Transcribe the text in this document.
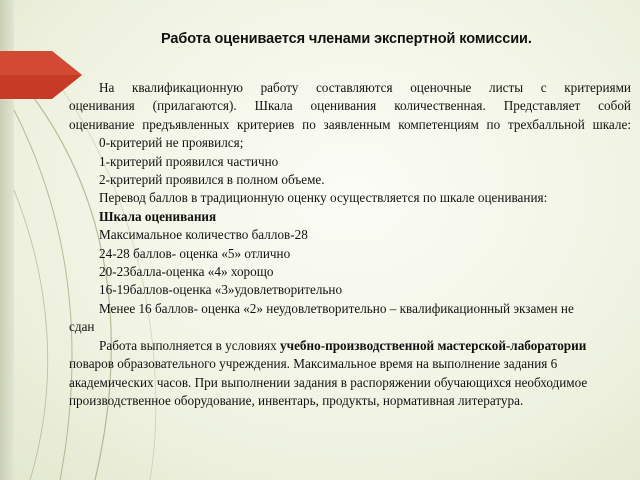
Работа оценивается членами экспертной комиссии.

На квалификационную работу составляются оценочные листы с критериями

оценивания (прилагаются). Шкала оценивания количественная. Представляет собой

оценивание предъявленных критериев по заявленным компетенциям по трехбалльной шкале:

0-критерий не проявился;

1-критерий проявился частично

2-критерий проявился в полном объеме.

Перевод баллов в традиционную оценку осуществляется по шкале оценивания:

Шкала оценивания

Максимальное количество баллов-28

24-28 баллов- оценка «5» отлично

20-23балла-оценка «4» хорощо

16-19баллов-оценка «3»удовлетворительно

Менее 16 баллов- оценка «2» неудовлетворительно – квалификационный экзамен не

сдан

Работа выполняется в условиях учебно-производственной мастерской-лаборатории

поваров образовательного учреждения. Максимальное время на выполнение задания 6

академических часов. При выполнении задания в распоряжении обучающихся необходимое

производственное оборудование, инвентарь, продукты, нормативная литература.
